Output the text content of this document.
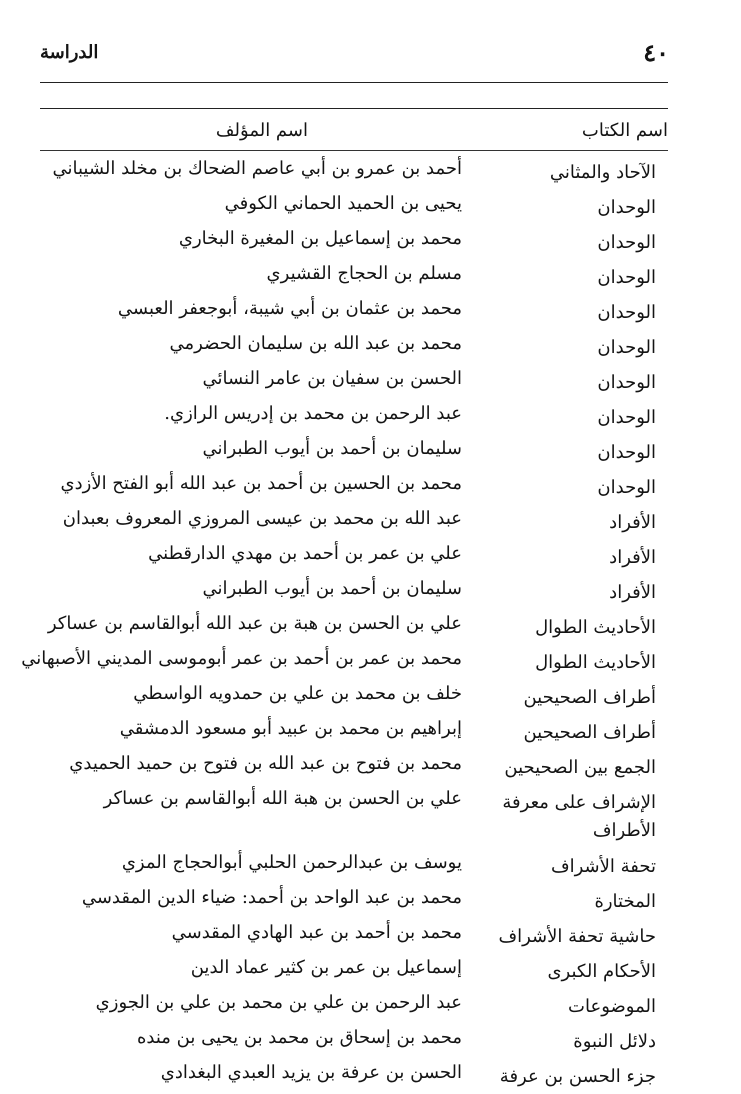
٤٠
الدراسة
اسم الكتاب
اسم المؤلف
الآحاد والمثاني
أحمد بن عمرو بن أبي عاصم الضحاك بن مخلد الشيباني
الوحدان
يحيى بن الحميد الحماني الكوفي
الوحدان
محمد بن إسماعيل بن المغيرة البخاري
الوحدان
مسلم بن الحجاج القشيري
الوحدان
محمد بن عثمان بن أبي شيبة، أبوجعفر العبسي
الوحدان
محمد بن عبد الله بن سليمان الحضرمي
الوحدان
الحسن بن سفيان بن عامر النسائي
الوحدان
عبد الرحمن بن محمد بن إدريس الرازي.
الوحدان
سليمان بن أحمد بن أيوب الطبراني
الوحدان
محمد بن الحسين بن أحمد بن عبد الله أبو الفتح الأزدي
الأفراد
عبد الله بن محمد بن عيسى المروزي المعروف بعبدان
الأفراد
علي بن عمر بن أحمد بن مهدي الدارقطني
الأفراد
سليمان بن أحمد بن أيوب الطبراني
الأحاديث الطوال
علي بن الحسن بن هبة بن عبد الله أبوالقاسم بن عساكر
الأحاديث الطوال
محمد بن عمر بن أحمد بن عمر أبوموسى المديني الأصبهاني
أطراف الصحيحين
خلف بن محمد بن علي بن حمدويه الواسطي
أطراف الصحيحين
إبراهيم بن محمد بن عبيد أبو مسعود الدمشقي
الجمع بين الصحيحين
محمد بن فتوح بن عبد الله بن فتوح بن حميد الحميدي
الإشراف على معرفة الأطراف
علي بن الحسن بن هبة الله أبوالقاسم بن عساكر
تحفة الأشراف
يوسف بن عبدالرحمن الحلبي أبوالحجاج المزي
المختارة
محمد بن عبد الواحد بن أحمد: ضياء الدين المقدسي
حاشية تحفة الأشراف
محمد بن أحمد بن عبد الهادي المقدسي
الأحكام الكبرى
إسماعيل بن عمر بن كثير عماد الدين
الموضوعات
عبد الرحمن بن علي بن محمد بن علي بن الجوزي
دلائل النبوة
محمد بن إسحاق بن محمد بن يحيى بن منده
جزء الحسن بن عرفة
الحسن بن عرفة بن يزيد العبدي البغدادي
